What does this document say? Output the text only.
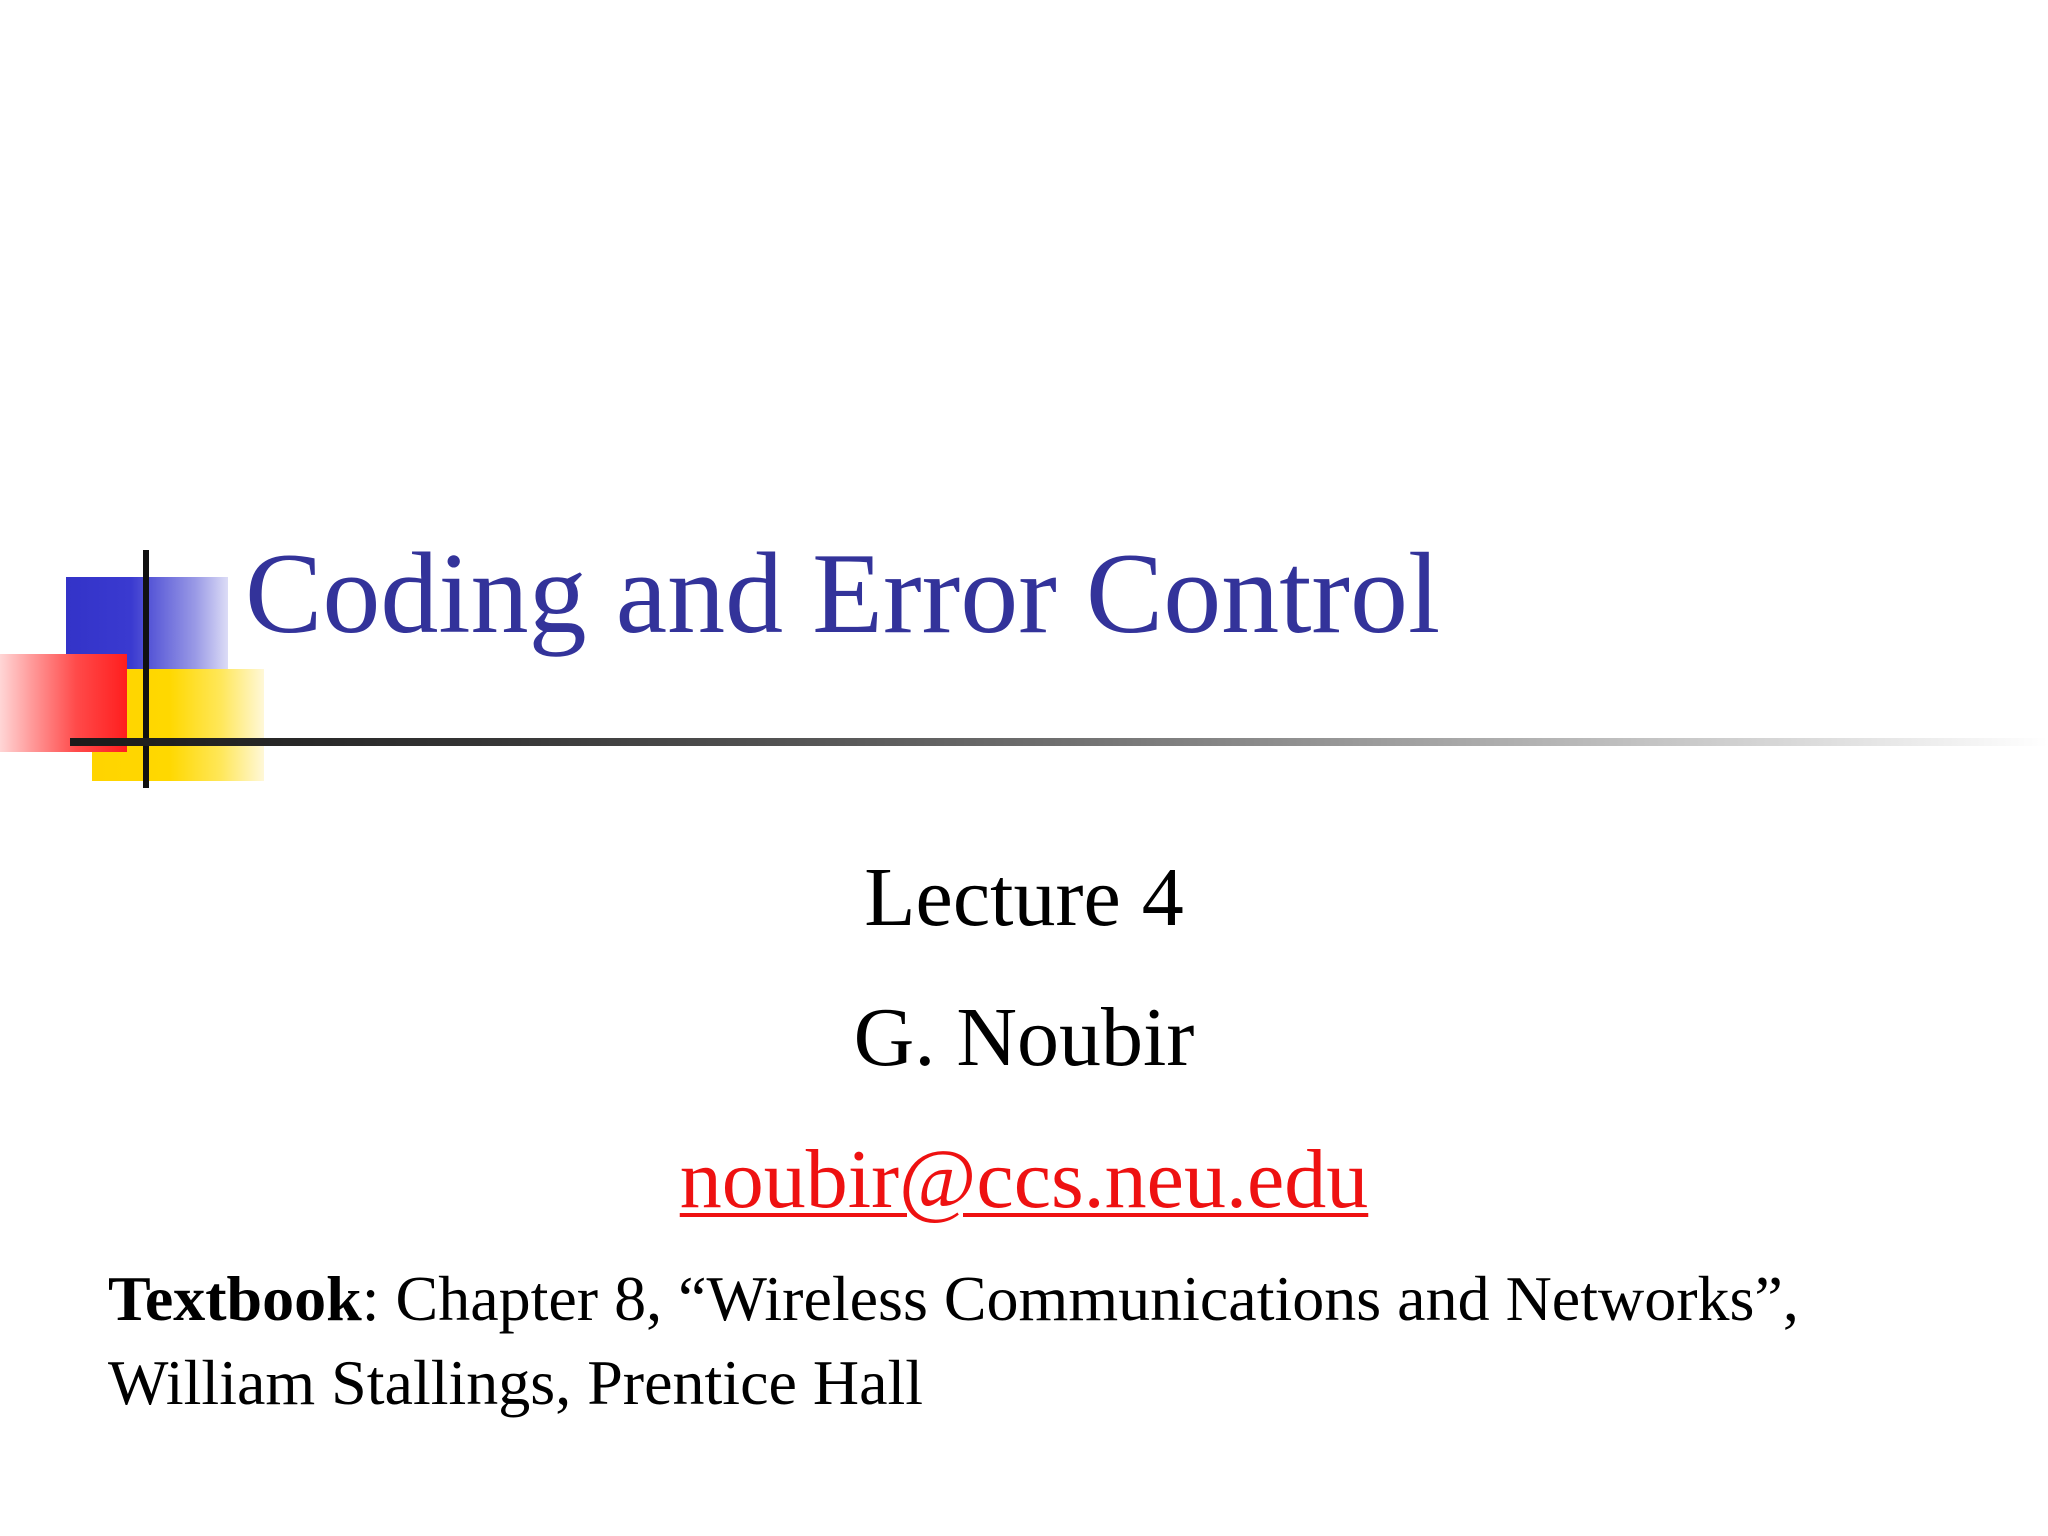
Coding and Error Control
Lecture 4
G. Noubir
noubir@ccs.neu.edu

Textbook: Chapter 8, “Wireless Communications and Networks”,
William Stallings, Prentice Hall
